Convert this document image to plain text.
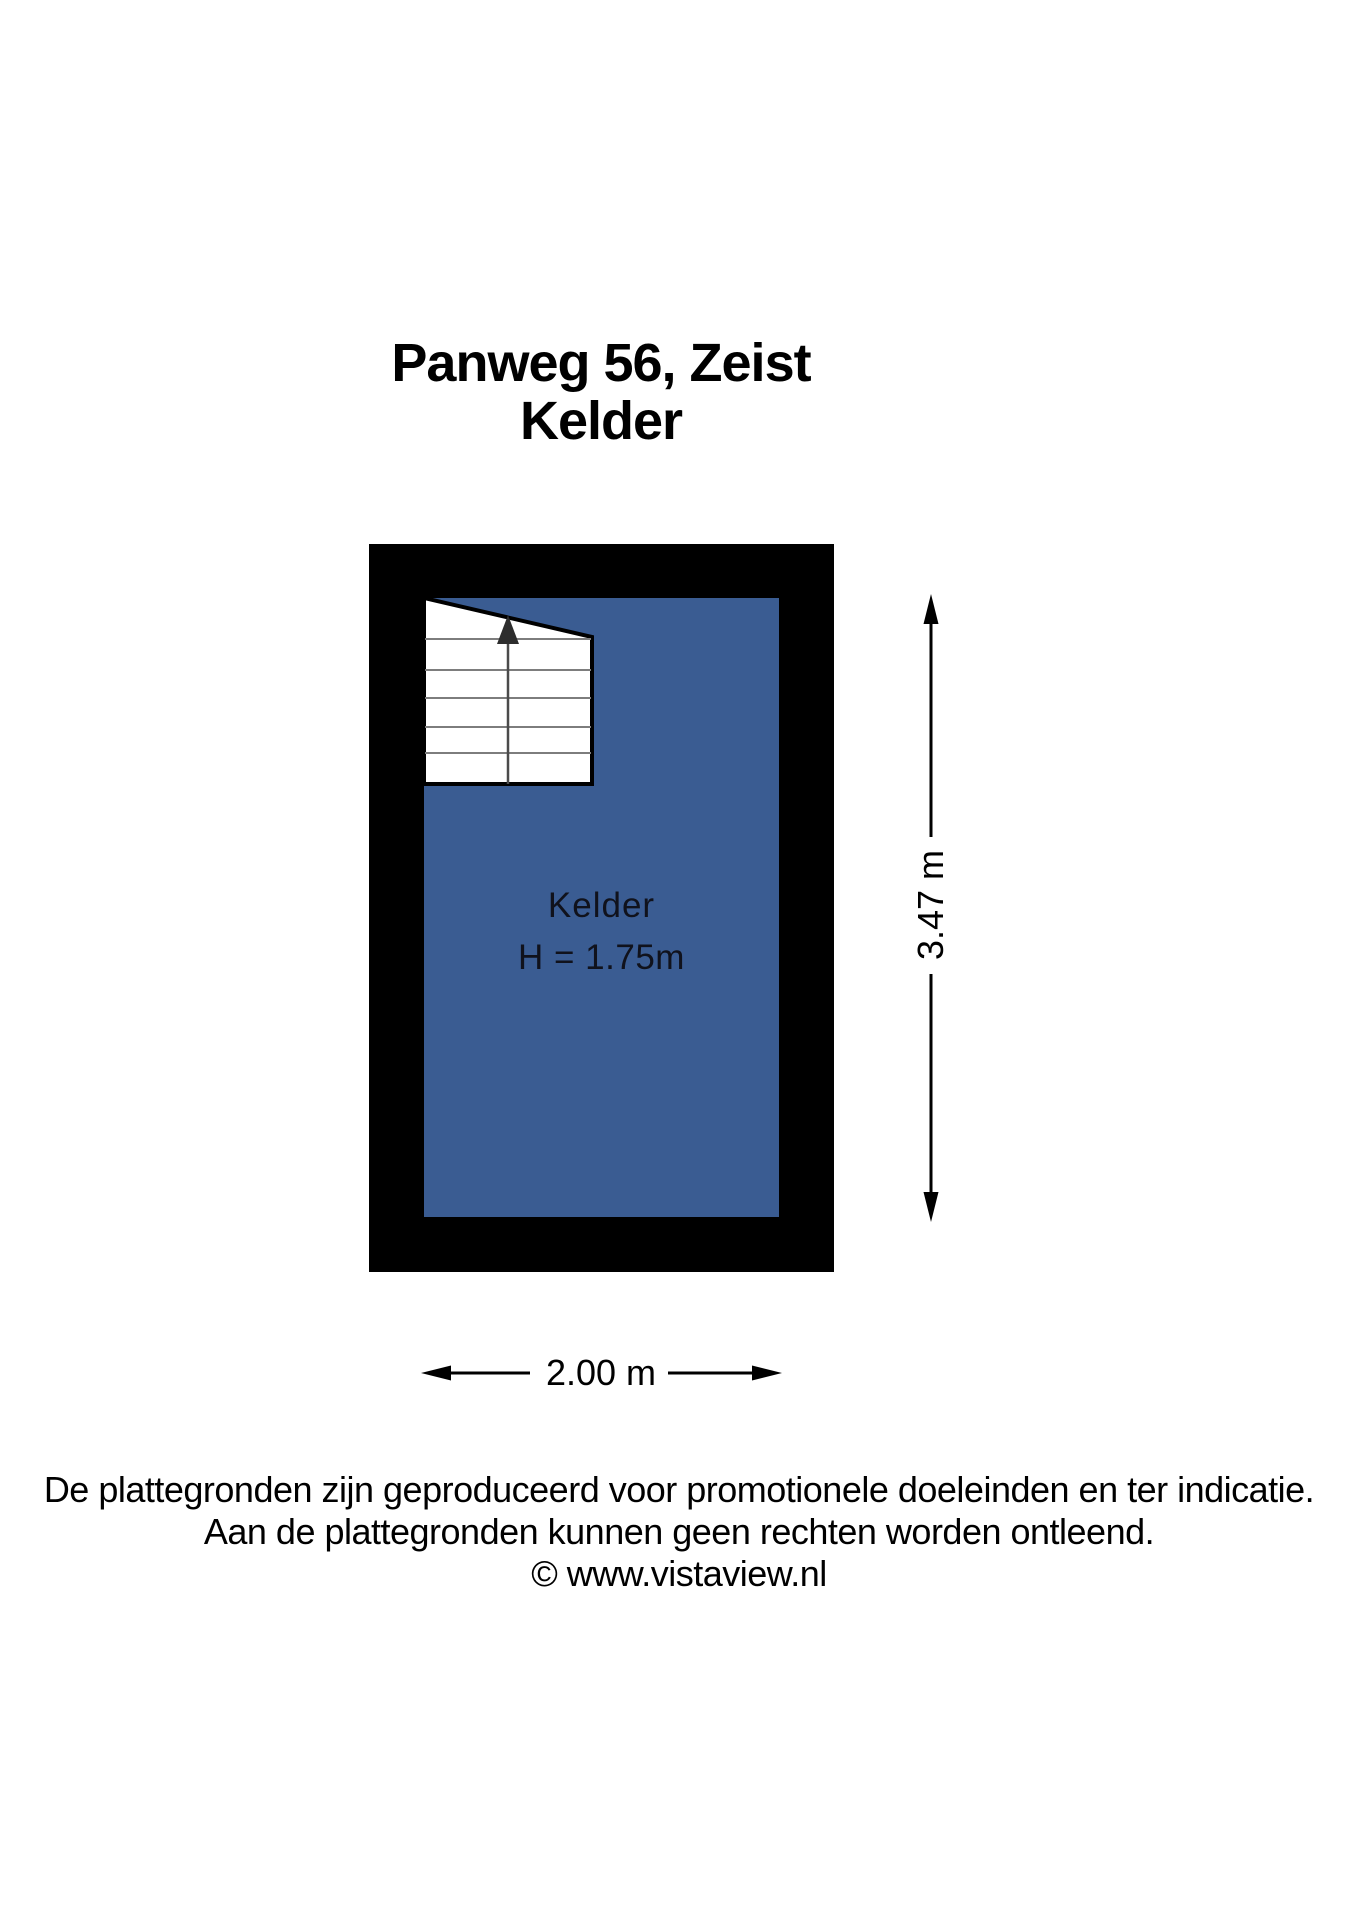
Panweg 56, Zeist
Kelder
Kelder
H = 1.75m	3.47 m
2.00 m
De plattegronden zijn geproduceerd voor promotionele doeleinden en ter indicatie.
Aan de plattegronden kunnen geen rechten worden ontleend.
© www.vistaview.nl
